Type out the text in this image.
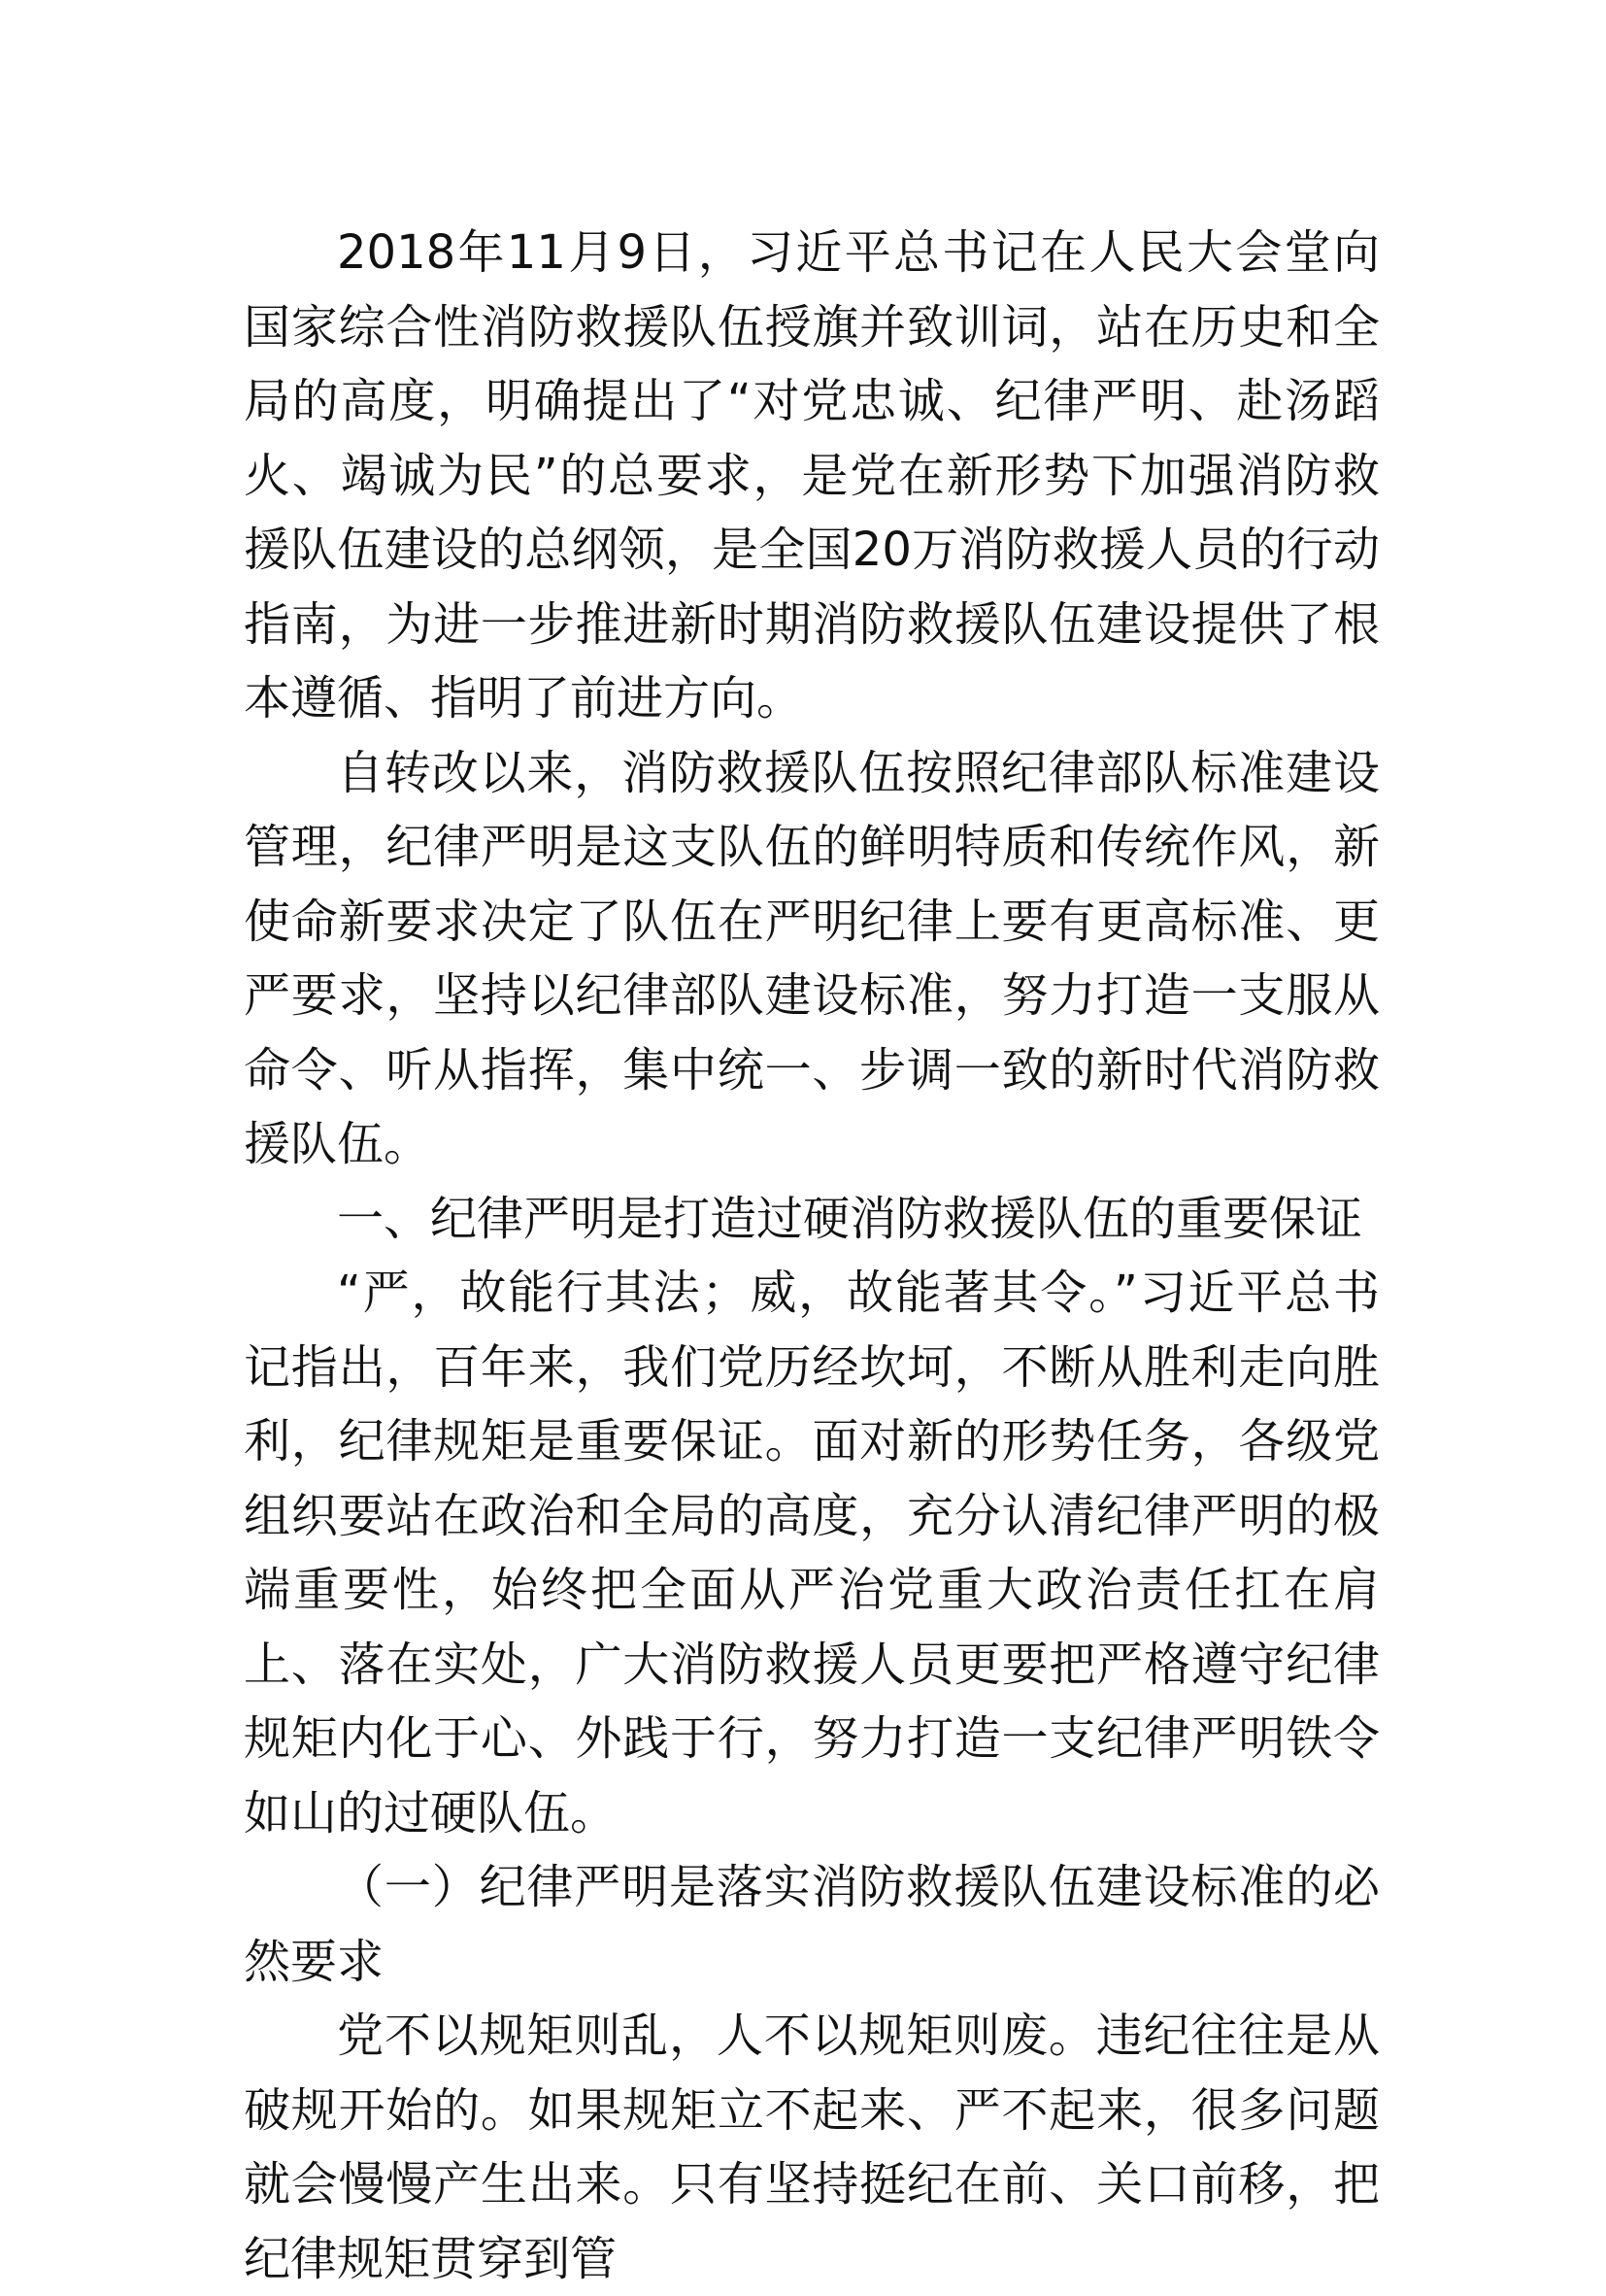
2018年11月9日，习近平总书记在人民大会堂向国家综合性消防救援队伍授旗并致训词，站在历史和全局的高度，明确提出了“对党忠诚、纪律严明、赴汤蹈火、竭诚为民”的总要求，是党在新形势下加强消防救援队伍建设的总纲领，是全国20万消防救援人员的行动指南，为进一步推进新时期消防救援队伍建设提供了根本遵循、指明了前进方向。

自转改以来，消防救援队伍按照纪律部队标准建设管理，纪律严明是这支队伍的鲜明特质和传统作风，新使命新要求决定了队伍在严明纪律上要有更高标准、更严要求，坚持以纪律部队建设标准，努力打造一支服从命令、听从指挥，集中统一、步调一致的新时代消防救援队伍。

一、纪律严明是打造过硬消防救援队伍的重要保证

“严，故能行其法；威，故能著其令。”习近平总书记指出，百年来，我们党历经坎坷，不断从胜利走向胜利，纪律规矩是重要保证。面对新的形势任务，各级党组织要站在政治和全局的高度，充分认清纪律严明的极端重要性，始终把全面从严治党重大政治责任扛在肩上、落在实处，广大消防救援人员更要把严格遵守纪律规矩内化于心、外践于行，努力打造一支纪律严明铁令如山的过硬队伍。

（一）纪律严明是落实消防救援队伍建设标准的必然要求

党不以规矩则乱，人不以规矩则废。违纪往往是从破规开始的。如果规矩立不起来、严不起来，很多问题就会慢慢产生出来。只有坚持挺纪在前、关口前移，把纪律规矩贯穿到管
